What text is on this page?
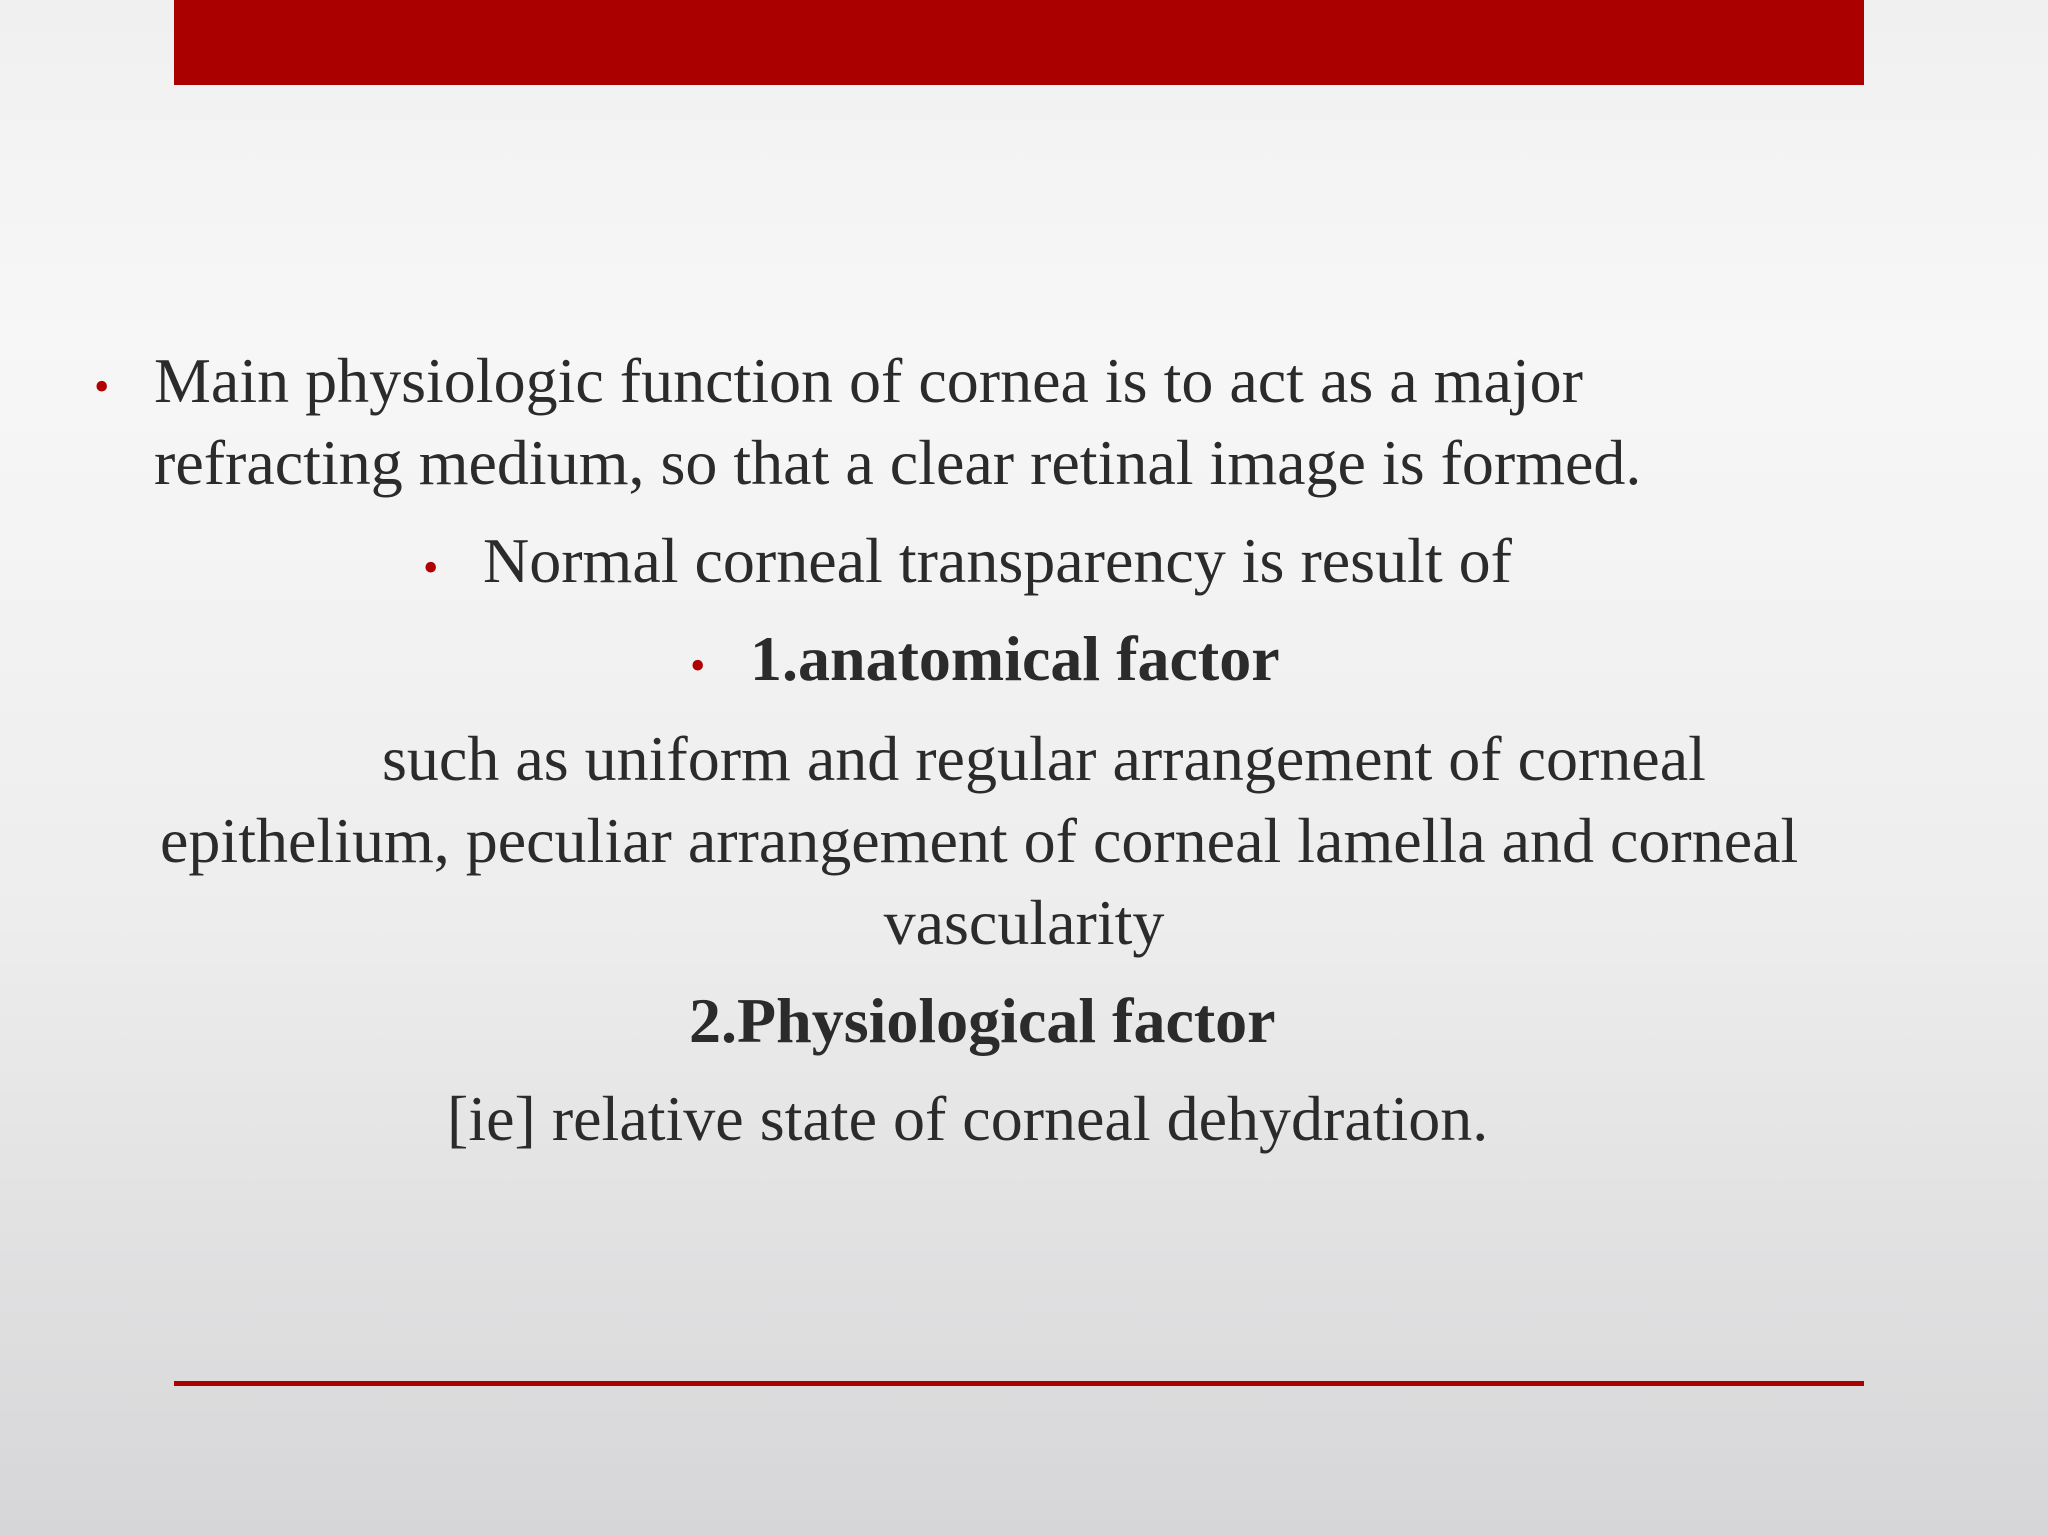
• Main physiologic function of cornea is to act as a major
refracting medium, so that a clear retinal image is formed.
• Normal corneal transparency is result of
• 1.anatomical factor
such as uniform and regular arrangement of corneal
epithelium, peculiar arrangement of corneal lamella and corneal
vascularity
2.Physiological factor
[ie] relative state of corneal dehydration.
